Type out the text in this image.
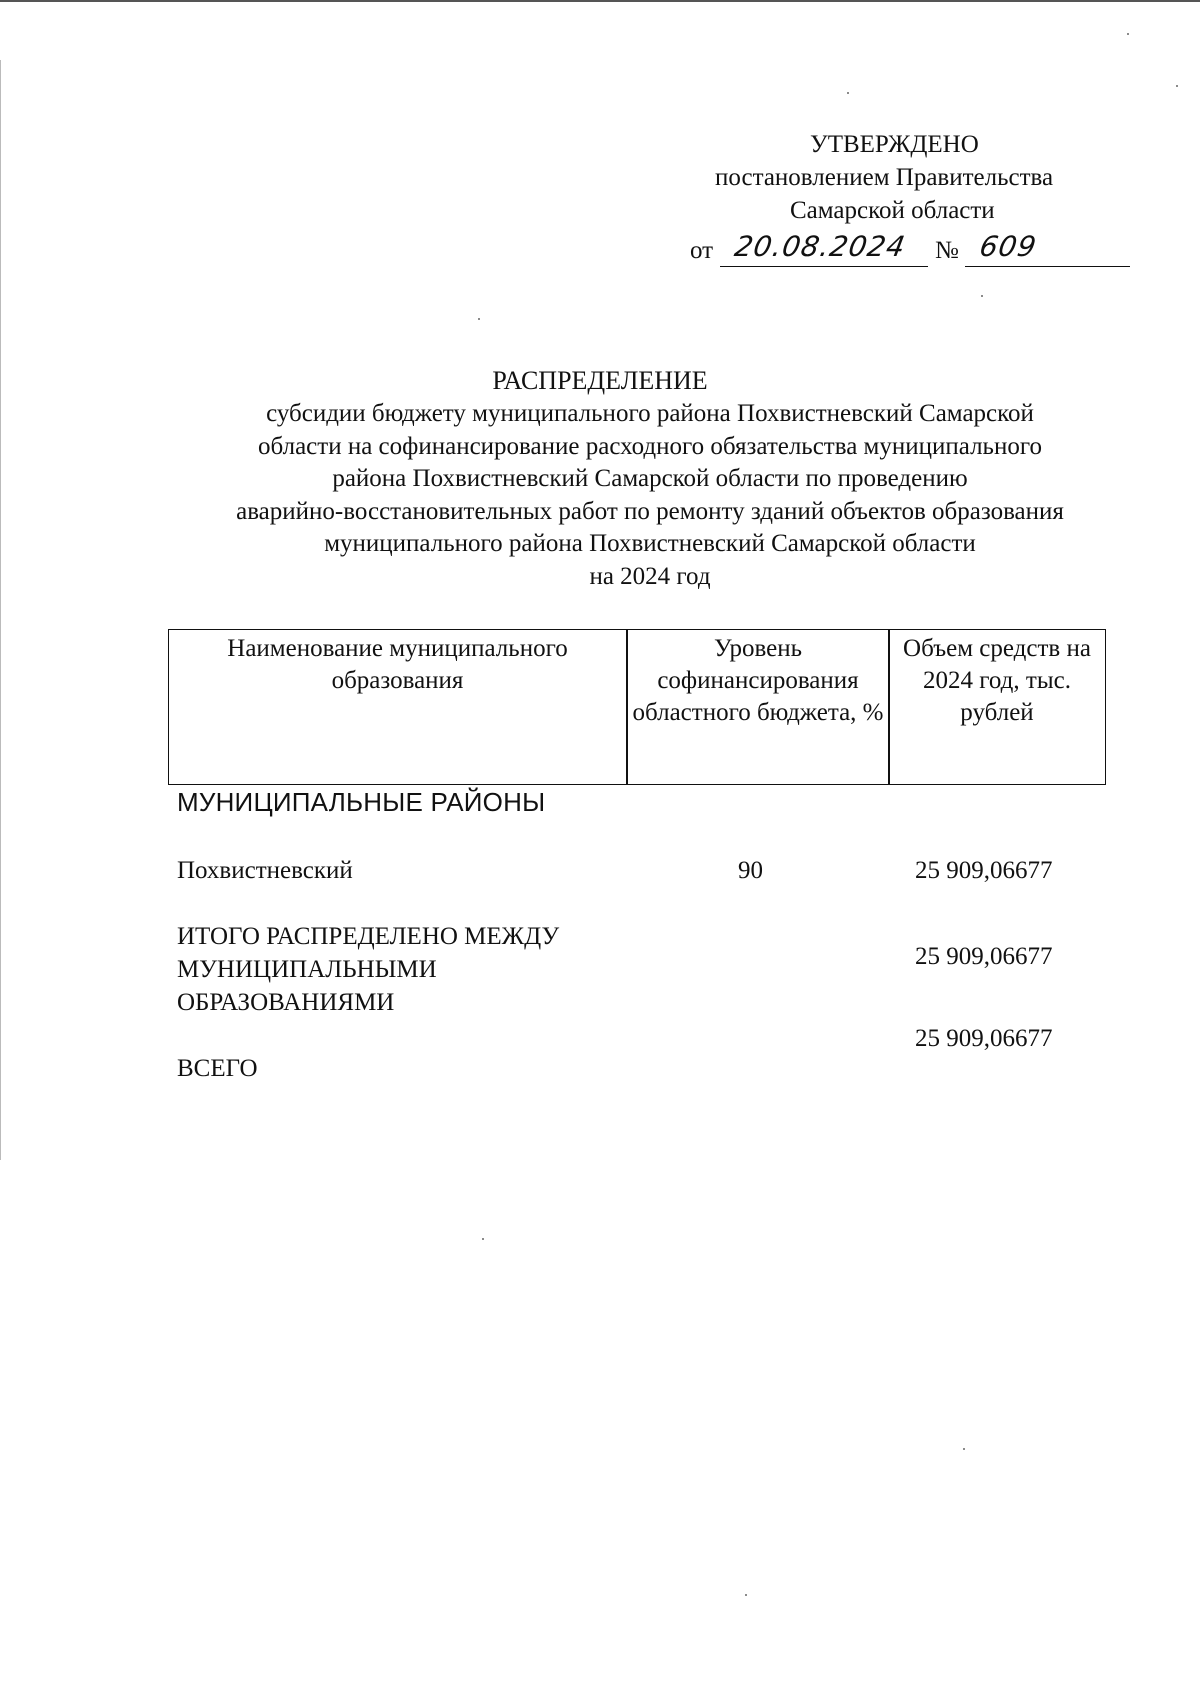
УТВЕРЖДЕНО
постановлением Правительства
Самарской области
от 20.08.2024 № 609
РАСПРЕДЕЛЕНИЕ
субсидии бюджету муниципального района Похвистневский Самарской
области на софинансирование расходного обязательства муниципального
района Похвистневский Самарской области по проведению
аварийно-восстановительных работ по ремонту зданий объектов образования
муниципального района Похвистневский Самарской области
на 2024 год
Наименование муниципального образования
Уровень софинансирования областного бюджета, %
Объем средств на 2024 год, тыс. рублей
МУНИЦИПАЛЬНЫЕ РАЙОНЫ
Похвистневский	90	25 909,06677
ИТОГО РАСПРЕДЕЛЕНО МЕЖДУ МУНИЦИПАЛЬНЫМИ ОБРАЗОВАНИЯМИ
25 909,06677
25 909,06677
ВСЕГО
